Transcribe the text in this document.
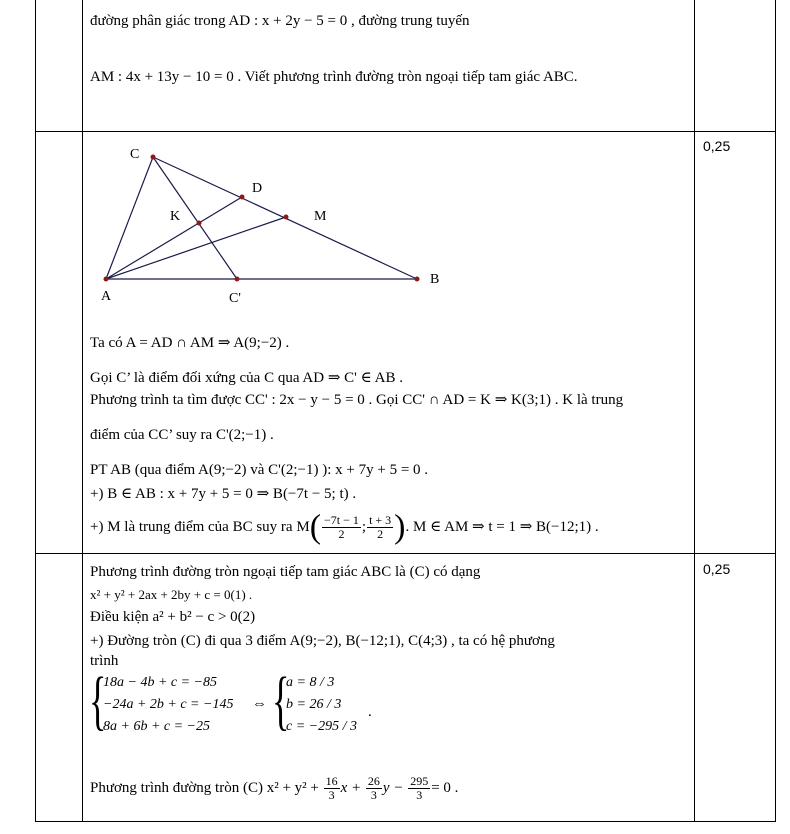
đường phân giác trong AD : x + 2y − 5 = 0 , đường trung tuyến
AM : 4x + 13y − 10 = 0 . Viết phương trình đường tròn ngoại tiếp tam giác ABC.
0,25
C
D
K	M
A
B
C'
Ta có A = AD ∩ AM ⇒ A(9;−2) .
Gọi C’ là điểm đối xứng của C qua AD ⇒ C' ∈ AB .
Phương trình ta tìm được CC' : 2x − y − 5 = 0 . Gọi CC' ∩ AD = K ⇒ K(3;1) . K là trung
điểm của CC’ suy ra C'(2;−1) .
PT AB (qua điểm A(9;−2) và C'(2;−1) ): x + 7y + 5 = 0 .
+) B ∈ AB : x + 7y + 5 = 0 ⇒ B(−7t − 5; t) .
+) M là trung điểm của BC suy ra $M( \frac{-7t - 1}{2}$ ; $\frac{t + 3}{2}$ ). M ∈ AM ⇒ t = 1 ⇒ B(−12;1) .
0,25
Phương trình đường tròn ngoại tiếp tam giác ABC là (C) có dạng
x² + y² + 2ax + 2by + c = 0(1) .
Điều kiện a² + b² − c > 0(2)
+) Đường tròn (C) đi qua 3 điểm A(9;−2), B(−12;1), C(4;3) , ta có hệ phương
trình
{
18a − 4b + c = −85
−24a + 2b + c = −145
8a + 6b + c = −25
⇔ {
a = 8 / 3
b = 26 / 3
c = −295 / 3
.
Phương trình đường tròn (C) $x^2 + y^2 + \frac{16}{3}$ $x + \frac{26}{3}$ $y - \frac{295}{3} = 0$ .
